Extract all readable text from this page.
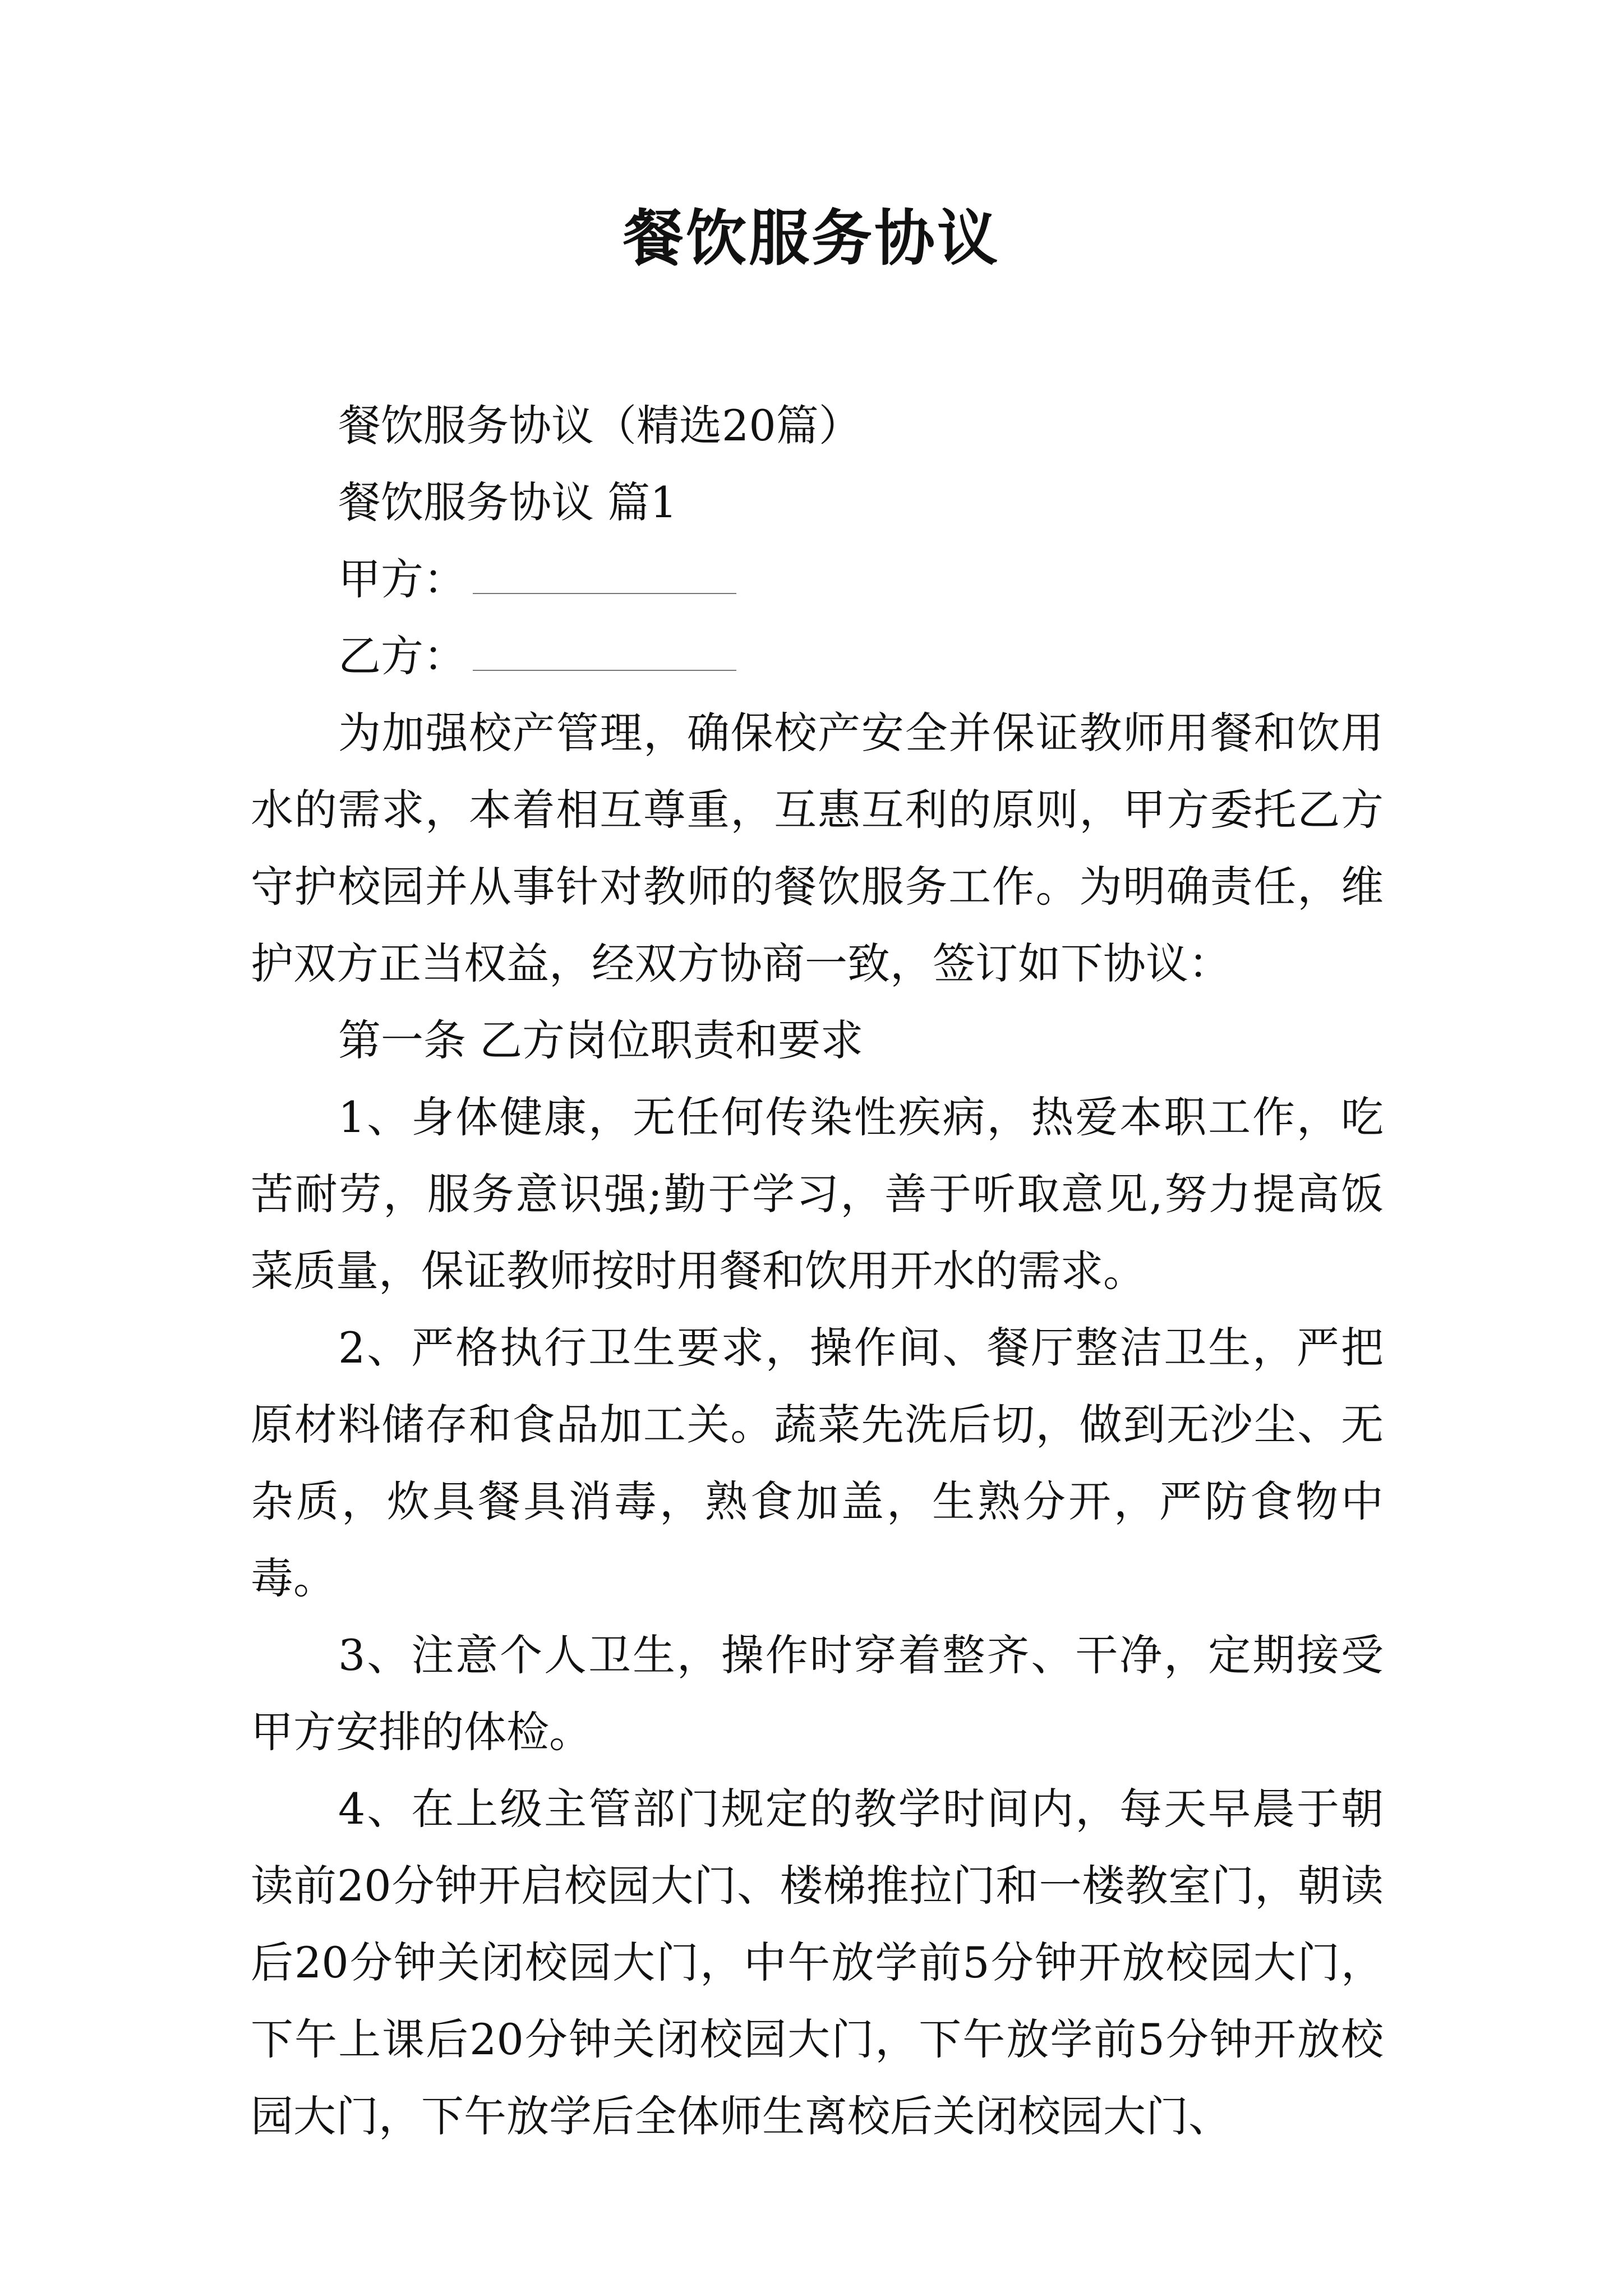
餐饮服务协议

餐饮服务协议（精选20篇）

餐饮服务协议 篇1

甲方：

乙方：

为加强校产管理，确保校产安全并保证教师用餐和饮用水的需求，本着相互尊重，互惠互利的原则，甲方委托乙方守护校园并从事针对教师的餐饮服务工作。为明确责任，维护双方正当权益，经双方协商一致，签订如下协议：

第一条 乙方岗位职责和要求

1、身体健康，无任何传染性疾病，热爱本职工作，吃苦耐劳，服务意识强;勤于学习，善于听取意见,努力提高饭菜质量，保证教师按时用餐和饮用开水的需求。

2、严格执行卫生要求，操作间、餐厅整洁卫生，严把原材料储存和食品加工关。蔬菜先洗后切，做到无沙尘、无杂质，炊具餐具消毒，熟食加盖，生熟分开，严防食物中毒。

3、注意个人卫生，操作时穿着整齐、干净，定期接受甲方安排的体检。

4、在上级主管部门规定的教学时间内，每天早晨于朝读前20分钟开启校园大门、楼梯推拉门和一楼教室门，朝读后20分钟关闭校园大门，中午放学前5分钟开放校园大门，下午上课后20分钟关闭校园大门，下午放学前5分钟开放校园大门，下午放学后全体师生离校后关闭校园大门、
